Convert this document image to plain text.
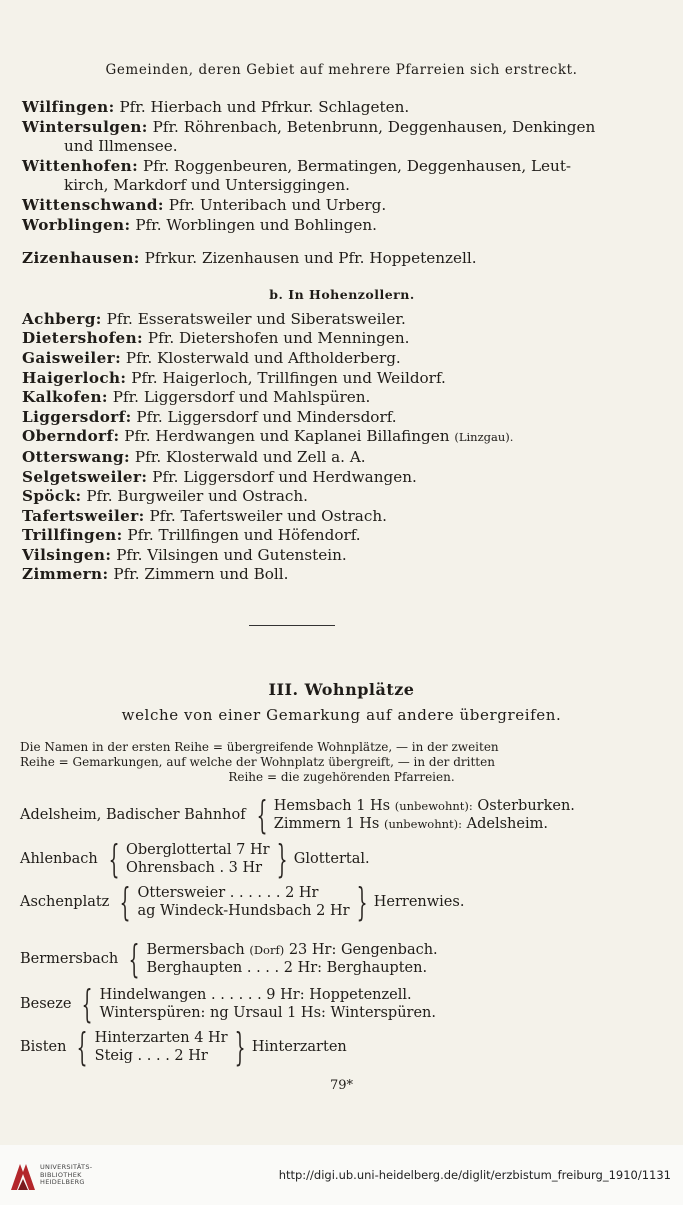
Gemeinden, deren Gebiet auf mehrere Pfarreien sich erstreckt.
Wilfingen: Pfr. Hierbach und Pfrkur. Schlageten.
Wintersulgen: Pfr. Röhrenbach, Betenbrunn, Deggenhausen, Denkingen
und Illmensee.
Wittenhofen: Pfr. Roggenbeuren, Bermatingen, Deggenhausen, Leut-
kirch, Markdorf und Untersiggingen.
Wittenschwand: Pfr. Unteribach und Urberg.
Worblingen: Pfr. Worblingen und Bohlingen.
Zizenhausen: Pfrkur. Zizenhausen und Pfr. Hoppetenzell.
b. In Hohenzollern.
Achberg: Pfr. Esseratsweiler und Siberatsweiler.
Dietershofen: Pfr. Dietershofen und Menningen.
Gaisweiler: Pfr. Klosterwald und Aftholderberg.
Haigerloch: Pfr. Haigerloch, Trillfingen und Weildorf.
Kalkofen: Pfr. Liggersdorf und Mahlspüren.
Liggersdorf: Pfr. Liggersdorf und Mindersdorf.
Oberndorf: Pfr. Herdwangen und Kaplanei Billafingen (Linzgau).
Otterswang: Pfr. Klosterwald und Zell a. A.
Selgetsweiler: Pfr. Liggersdorf und Herdwangen.
Spöck: Pfr. Burgweiler und Ostrach.
Tafertsweiler: Pfr. Tafertsweiler und Ostrach.
Trillfingen: Pfr. Trillfingen und Höfendorf.
Vilsingen: Pfr. Vilsingen und Gutenstein.
Zimmern: Pfr. Zimmern und Boll.
III. Wohnplätze
welche von einer Gemarkung auf andere übergreifen.
Die Namen in der ersten Reihe = übergreifende Wohnplätze, — in der zweiten
Reihe = Gemarkungen, auf welche der Wohnplatz übergreift, — in der dritten
Reihe = die zugehörenden Pfarreien.
Adelsheim, Badischer Bahnhof { Hemsbach 1 Hs (unbewohnt): Osterburken.
Zimmern 1 Hs (unbewohnt): Adelsheim.
Ahlenbach { Oberglottertal 7 Hr
Ohrensbach . 3 Hr } Glottertal.
Aschenplatz { Ottersweier . . . . . . 2 Hr
ag Windeck-Hundsbach 2 Hr } Herrenwies.
Bermersbach { Bermersbach (Dorf) 23 Hr: Gengenbach.
Berghaupten . . . . 2 Hr: Berghaupten.
Beseze { Hindelwangen . . . . . . 9 Hr: Hoppetenzell.
Winterspüren: ng Ursaul 1 Hs: Winterspüren.
Bisten { Hinterzarten 4 Hr
Steig . . . . 2 Hr } Hinterzarten
79*
UNIVERSITÄTS-
BIBLIOTHEK
HEIDELBERG	http://digi.ub.uni-heidelberg.de/diglit/erzbistum_freiburg_1910/1131
